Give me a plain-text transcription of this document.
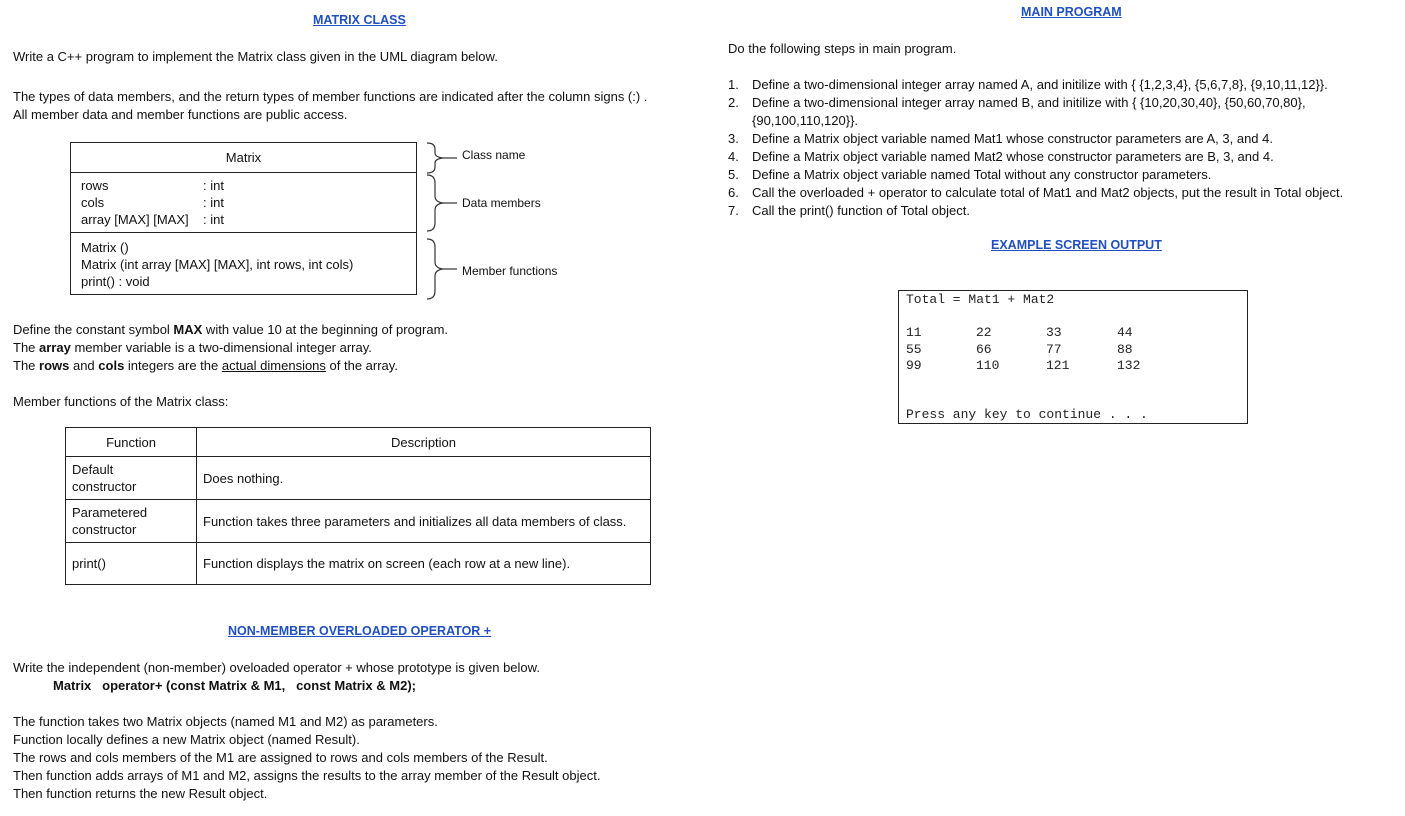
MATRIX CLASS
Write a C++ program to implement the Matrix class given in the UML diagram below.

The types of data members, and the return types of member functions are indicated after the column signs (:) .

All member data and member functions are public access.

Matrix
rows	: int
cols	: int
array [MAX] [MAX]	: int
Matrix ()
Matrix (int array [MAX] [MAX], int rows, int cols)
print() : void
Class name
Data members
Member functions

Define the constant symbol MAX with value 10 at the beginning of program.

The array member variable is a two-dimensional integer array.

The rows and cols integers are the actual dimensions of the array.

Member functions of the Matrix class:
Function	Description

Default
constructor	Does nothing.

Parametered
constructor	Function takes three parameters and initializes all data members of class.

print()	Function displays the matrix on screen (each row at a new line).
NON-MEMBER OVERLOADED OPERATOR +
Write the independent (non-member) oveloaded operator + whose prototype is given below.
Matrix   operator+ (const Matrix & M1,   const Matrix & M2);

The function takes two Matrix objects (named M1 and M2) as parameters.

Function locally defines a new Matrix object (named Result).

The rows and cols members of the M1 are assigned to rows and cols members of the Result.

Then function adds arrays of M1 and M2, assigns the results to the array member of the Result object.

Then function returns the new Result object.

MAIN PROGRAM
Do the following steps in main program.
1. Define a two-dimensional integer array named A, and initilize with { {1,2,3,4}, {5,6,7,8}, {9,10,11,12}}.
2. Define a two-dimensional integer array named B, and initilize with { {10,20,30,40}, {50,60,70,80},
{90,100,110,120}}.
3. Define a Matrix object variable named Mat1 whose constructor parameters are A, 3, and 4.
4. Define a Matrix object variable named Mat2 whose constructor parameters are B, 3, and 4.
5. Define a Matrix object variable named Total without any constructor parameters.
6. Call the overloaded + operator to calculate total of Mat1 and Mat2 objects, put the result in Total object.
7. Call the print() function of Total object.
EXAMPLE SCREEN OUTPUT
Total = Mat1 + Mat2
11	22	33	44
55	66	77	88
99	110	121	132
Press any key to continue . . .
